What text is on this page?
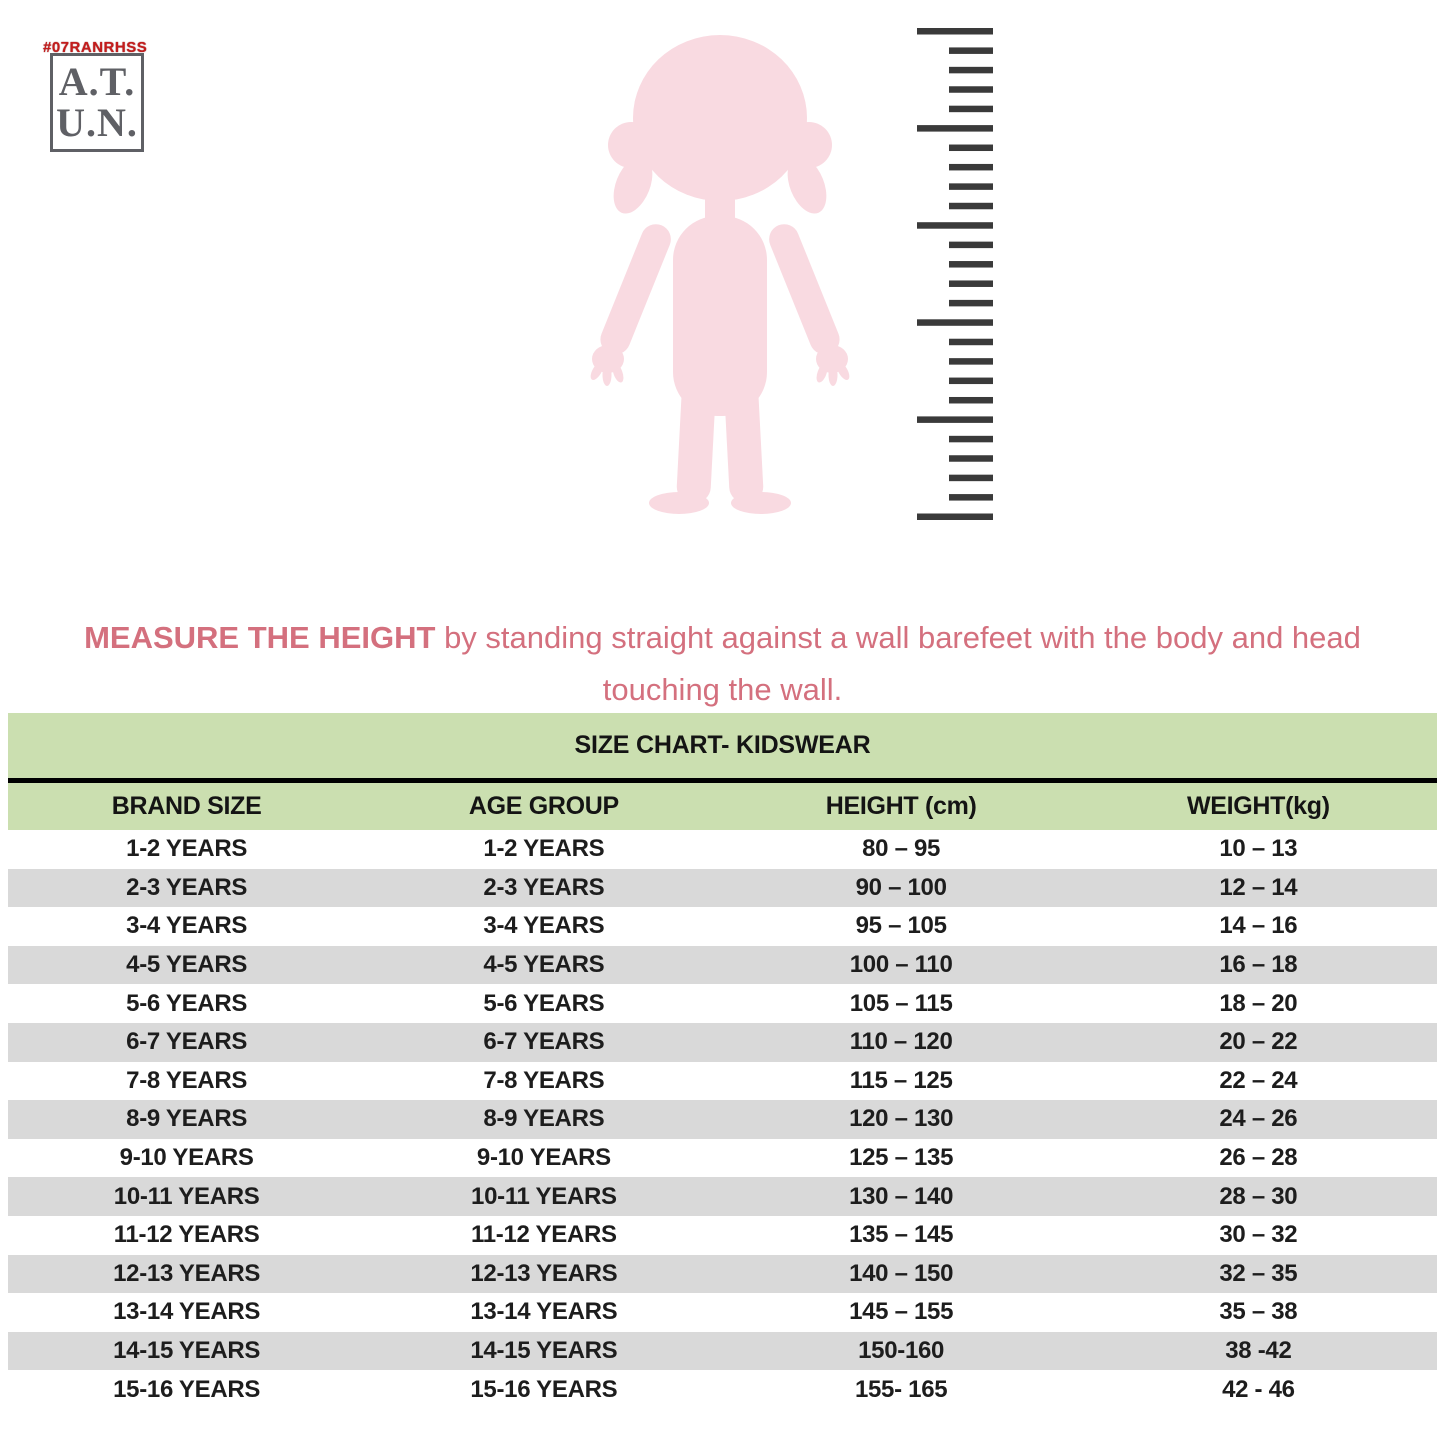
#07RANRHSS
A.T.
U.N.
MEASURE THE HEIGHT by standing straight against a wall barefeet with the body and head touching the wall.
SIZE CHART- KIDSWEAR
BRAND SIZE	AGE GROUP	HEIGHT (cm)	WEIGHT(kg)
1-2 YEARS	1-2 YEARS	80 – 95	10 – 13
2-3 YEARS	2-3 YEARS	90 – 100	12 – 14
3-4 YEARS	3-4 YEARS	95 – 105	14 – 16
4-5 YEARS	4-5 YEARS	100 – 110	16 – 18
5-6 YEARS	5-6 YEARS	105 – 115	18 – 20
6-7 YEARS	6-7 YEARS	110 – 120	20 – 22
7-8 YEARS	7-8 YEARS	115 – 125	22 – 24
8-9 YEARS	8-9 YEARS	120 – 130	24 – 26
9-10 YEARS	9-10 YEARS	125 – 135	26 – 28
10-11 YEARS	10-11 YEARS	130 – 140	28 – 30
11-12 YEARS	11-12 YEARS	135 – 145	30 – 32
12-13 YEARS	12-13 YEARS	140 – 150	32 – 35
13-14 YEARS	13-14 YEARS	145 – 155	35 – 38
14-15 YEARS	14-15 YEARS	150-160	38 -42
15-16 YEARS	15-16 YEARS	155- 165	42 - 46
